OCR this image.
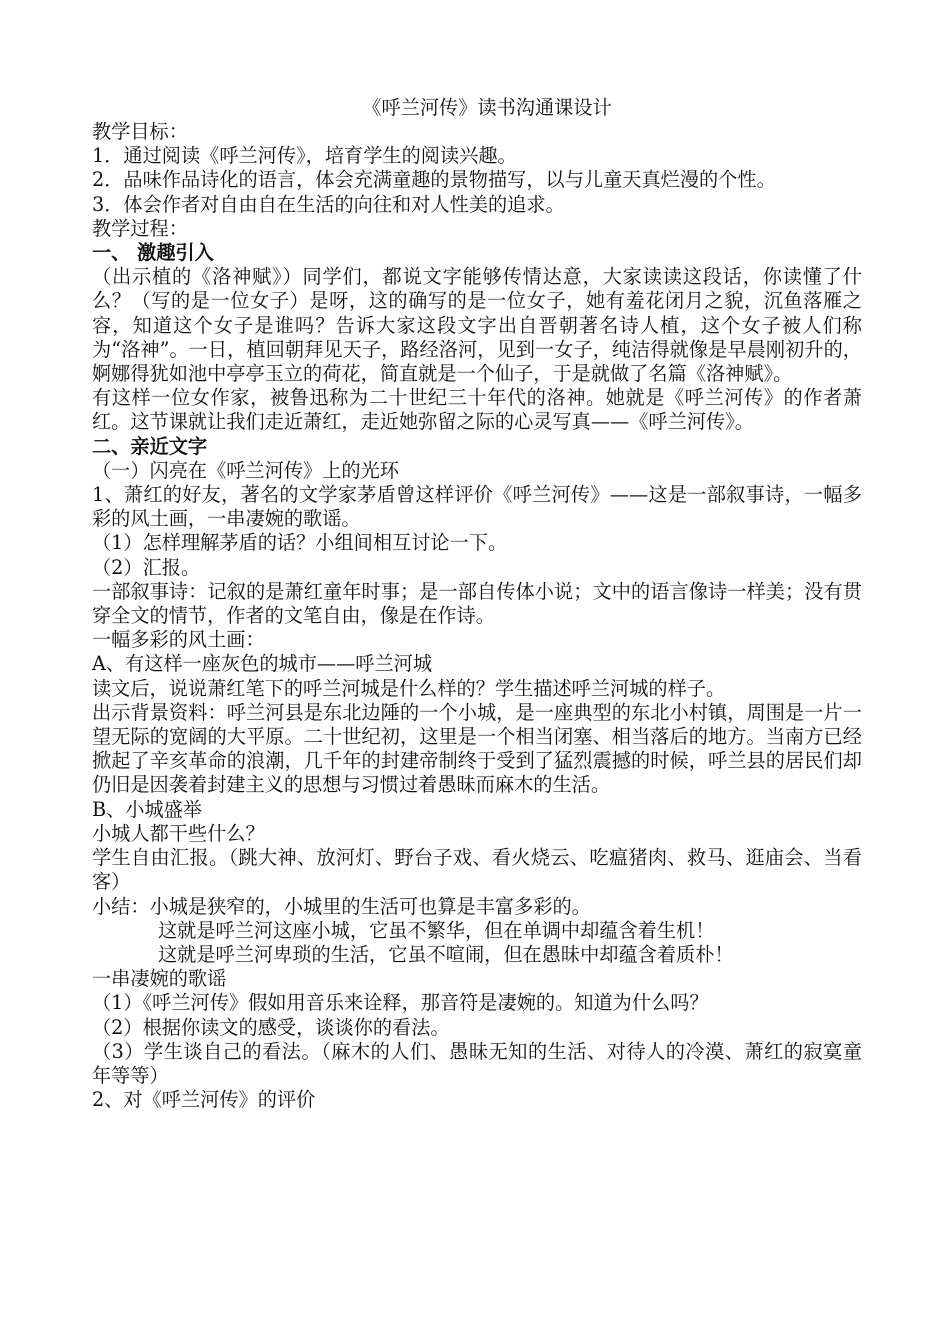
《呼兰河传》读书沟通课设计
教学目标：
1．通过阅读《呼兰河传》，培育学生的阅读兴趣。
2．品味作品诗化的语言，体会充满童趣的景物描写，以与儿童天真烂漫的个性。
3．体会作者对自由自在生活的向往和对人性美的追求。
教学过程：
一、 激趣引入
（出示植的《洛神赋》）同学们，都说文字能够传情达意，大家读读这段话，你读懂了什么？（写的是一位女子）是呀，这的确写的是一位女子，她有羞花闭月之貌，沉鱼落雁之容，知道这个女子是谁吗？告诉大家这段文字出自晋朝著名诗人植，这个女子被人们称为“洛神”。一日，植回朝拜见天子，路经洛河，见到一女子，纯洁得就像是早晨刚初升的，婀娜得犹如池中亭亭玉立的荷花，简直就是一个仙子，于是就做了名篇《洛神赋》。
有这样一位女作家，被鲁迅称为二十世纪三十年代的洛神。她就是《呼兰河传》的作者萧红。这节课就让我们走近萧红，走近她弥留之际的心灵写真——《呼兰河传》。
二、亲近文字
（一）闪亮在《呼兰河传》上的光环
1、萧红的好友，著名的文学家茅盾曾这样评价《呼兰河传》——这是一部叙事诗，一幅多彩的风土画，一串凄婉的歌谣。
（1）怎样理解茅盾的话？小组间相互讨论一下。
（2）汇报。
一部叙事诗：记叙的是萧红童年时事；是一部自传体小说；文中的语言像诗一样美；没有贯穿全文的情节，作者的文笔自由，像是在作诗。
一幅多彩的风土画：
A、有这样一座灰色的城市——呼兰河城
读文后，说说萧红笔下的呼兰河城是什么样的？学生描述呼兰河城的样子。
出示背景资料：呼兰河县是东北边陲的一个小城，是一座典型的东北小村镇，周围是一片一望无际的宽阔的大平原。二十世纪初，这里是一个相当闭塞、相当落后的地方。当南方已经掀起了辛亥革命的浪潮，几千年的封建帝制终于受到了猛烈震撼的时候，呼兰县的居民们却仍旧是因袭着封建主义的思想与习惯过着愚昧而麻木的生活。
B、小城盛举
小城人都干些什么？
学生自由汇报。（跳大神、放河灯、野台子戏、看火烧云、吃瘟猪肉、救马、逛庙会、当看客）
小结：小城是狭窄的，小城里的生活可也算是丰富多彩的。
这就是呼兰河这座小城，它虽不繁华，但在单调中却蕴含着生机！
这就是呼兰河卑琐的生活，它虽不喧闹，但在愚昧中却蕴含着质朴！
一串凄婉的歌谣
（1）《呼兰河传》假如用音乐来诠释，那音符是凄婉的。知道为什么吗？
（2）根据你读文的感受，谈谈你的看法。
（3）学生谈自己的看法。（麻木的人们、愚昧无知的生活、对待人的冷漠、萧红的寂寞童年等等）
2、对《呼兰河传》的评价
